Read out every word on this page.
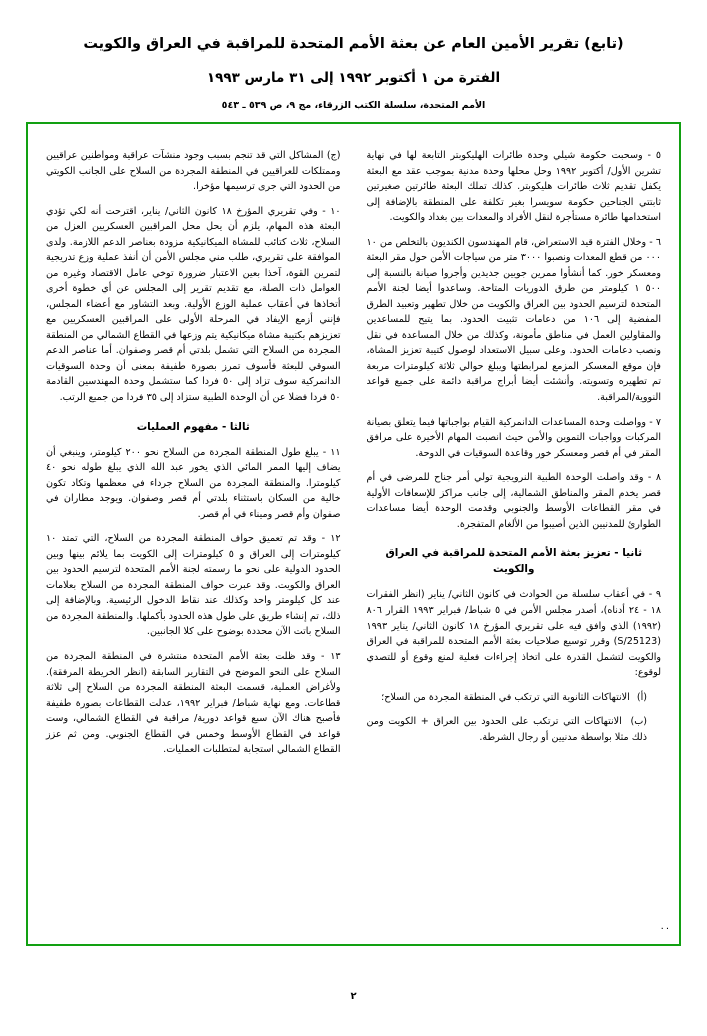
(تابع) تقرير الأمين العام عن بعثة الأمم المتحدة للمراقبة في العراق والكويت
الفترة من ١ أكتوبر ١٩٩٢ إلى ٣١ مارس ١٩٩٣
الأمم المتحدة، سلسلة الكتب الزرقاء، مج ٩، ص ٥٣٩ ـ ٥٤٣

٥ - وسحبت حكومة شيلي وحدة طائرات الهليكوبتر التابعة لها في نهاية تشرين الأول/ أكتوبر ١٩٩٢ وحل محلها وحدة مدنية بموجب عقد مع البعثة يكفل تقديم ثلاث طائرات هليكوبتر. كذلك تملك البعثة طائرتين صغيرتين ثابتتي الجناحين حكومة سويسرا بغير تكلفة على المنطقة بالإضافة إلى استخدامها طائرة مستأجرة لنقل الأفراد والمعدات بين بغداد والكويت.

٦ - وخلال الفترة قيد الاستعراض، قام المهندسون الكنديون بالتخلص من ١٠ ٠٠٠ من قطع المعدات ونصبوا ٣٠٠٠ متر من سياجات الأمن حول مقر البعثة ومعسكر خور. كما أنشأوا ممرين جويين جديدين وأجروا صيانة بالنسبة إلى ٥٠٠ ١ كيلومتر من طرق الدوريات المتاحة. وساعدوا أيضا لجنة الأمم المتحدة لترسيم الحدود بين العراق والكويت من خلال تطهير وتعبيد الطرق المفضية إلى ١٠٦ من دعامات تثبيت الحدود. بما يتيح للمساعدين والمقاولين العمل في مناطق مأمونة، وكذلك من خلال المساعدة في نقل ونصب دعامات الحدود. وعلى سبيل الاستعداد لوصول كتيبة تعزيز المشاة، فإن موقع المعسكر المزمع لمرابطتها ويبلغ حوالي ثلاثة كيلومترات مربعة تم تطهيره وتسويته. وأنشئت أيضا أبراج مراقبة دائمة على جميع قواعد النووية/المراقبة.

٧ - وواصلت وحدة المساعدات الدانمركية القيام بواجباتها فيما يتعلق بصيانة المركبات وواجبات التموين والأمن حيث انصبت المهام الأخيرة على مرافق المقر في أم قصر ومعسكر خور وقاعدة السوقيات في الدوحة.

٨ - وقد واصلت الوحدة الطبية النرويجية تولي أمر جناح للمرضى في أم قصر يخدم المقر والمناطق الشمالية، إلى جانب مراكز للإسعافات الأولية في مقر القطاعات الأوسط والجنوبي وقدمت الوحدة أيضا مساعدات الطوارئ للمدنيين الذين أصيبوا من الألغام المتفجرة.

ثانيا - تعزيز بعثة الأمم المتحدة للمراقبة في العراق والكويت

٩ - في أعقاب سلسلة من الحوادث في كانون الثاني/ يناير (انظر الفقرات ١٨ - ٢٤ أدناه)، أصدر مجلس الأمن في ٥ شباط/ فبراير ١٩٩٣ القرار ٨٠٦ (١٩٩٢) الذي وافق فيه على تقريري المؤرخ ١٨ كانون الثاني/ يناير ١٩٩٣ (S/25123) وقرر توسيع صلاحيات بعثة الأمم المتحدة للمراقبة في العراق والكويت لتشمل القدرة على اتخاذ إجراءات فعلية لمنع وقوع أو للتصدي لوقوع:

(أ) الانتهاكات الثانوية التي ترتكب في المنطقة المجردة من السلاح؛

(ب) الانتهاكات التي ترتكب على الحدود بين العراق + الكويت ومن ذلك مثلا بواسطة مدنيين أو رجال الشرطة.

(ج) المشاكل التي قد تنجم بسبب وجود منشآت عراقية ومواطنين عراقيين وممتلكات للعراقيين في المنطقة المجردة من السلاح على الجانب الكويتي من الحدود التي جرى ترسيمها مؤخرا.

١٠ - وفي تقريري المؤرخ ١٨ كانون الثاني/ يناير، اقترحت أنه لكي تؤدي البعثة هذه المهام، يلزم أن يحل محل المراقبين العسكريين العزل من السلاح، ثلاث كتائب للمشاة الميكانيكية مزودة بعناصر الدعم اللازمة. ولدى الموافقة على تقريري، طلب مني مجلس الأمن أن أنفذ عملية وزع تدريجية لتمرين القوة، آخذا بعين الاعتبار ضرورة توخي عامل الاقتصاد وغيره من العوامل ذات الصلة، مع تقديم تقرير إلى المجلس عن أي خطوة أخرى أتخاذها في أعقاب عملية الوزع الأولية. وبعد التشاور مع أعضاء المجلس، فإنني أزمع الإيفاد في المرحلة الأولى على المراقبين العسكريين مع تعزيزهم بكتيبة مشاة ميكانيكية يتم وزعها في القطاع الشمالي من المنطقة المجردة من السلاح التي تشمل بلدتي أم قصر وصفوان. أما عناصر الدعم السوقي للبعثة فأسوف تمرز بصورة طفيفة بمعنى أن وحدة السوقيات الدانمركية سوف تزاد إلى ٥٠ فردا كما ستشمل وحدة المهندسين القادمة ٥٠ فردا فضلا عن أن الوحدة الطبية ستزاد إلى ٣٥ فردا من جميع الرتب.

ثالثا - مفهوم العمليات

١١ - يبلغ طول المنطقة المجردة من السلاح نحو ٢٠٠ كيلومتر، وينبغي أن يضاف إليها الممر المائي الذي يخور عبد الله الذي يبلغ طوله نحو ٤٠ كيلومترا. والمنطقة المجردة من السلاح جرداء في معظمها وتكاد تكون خالية من السكان باستثناء بلدتي أم قصر وصفوان. ويوجد مطاران في صفوان وأم قصر وميناء في أم قصر.

١٢ - وقد تم تعميق حواف المنطقة المجردة من السلاح، التي تمتد ١٠ كيلومترات إلى العراق و ٥ كيلومترات إلى الكويت بما يلائم بينها وبين الحدود الدولية على نحو ما رسمته لجنة الأمم المتحدة لترسيم الحدود بين العراق والكويت. وقد عبرت حواف المنطقة المجردة من السلاح بعلامات عند كل كيلومتر واحد وكذلك عند نقاط الدخول الرئيسية. وبالإضافة إلى ذلك، تم إنشاء طريق على طول هذه الحدود بأكملها. والمنطقة المجردة من السلاح باتت الآن محددة بوضوح على كلا الجانبين.

١٣ - وقد ظلت بعثة الأمم المتحدة منتشرة في المنطقة المجردة من السلاح على النحو الموضح في التقارير السابقة (انظر الخريطة المرفقة). ولأغراض العملية، قسمت البعثة المنطقة المجردة من السلاح إلى ثلاثة قطاعات. ومع نهاية شباط/ فبراير ١٩٩٢، عدلت القطاعات بصورة طفيفة فأصبح هناك الآن سبع قواعد دورية/ مراقبة في القطاع الشمالي، وست قواعد في القطاع الأوسط وخمس في القطاع الجنوبي. ومن ثم عزز القطاع الشمالي استجابة لمتطلبات العمليات.

..
٢
